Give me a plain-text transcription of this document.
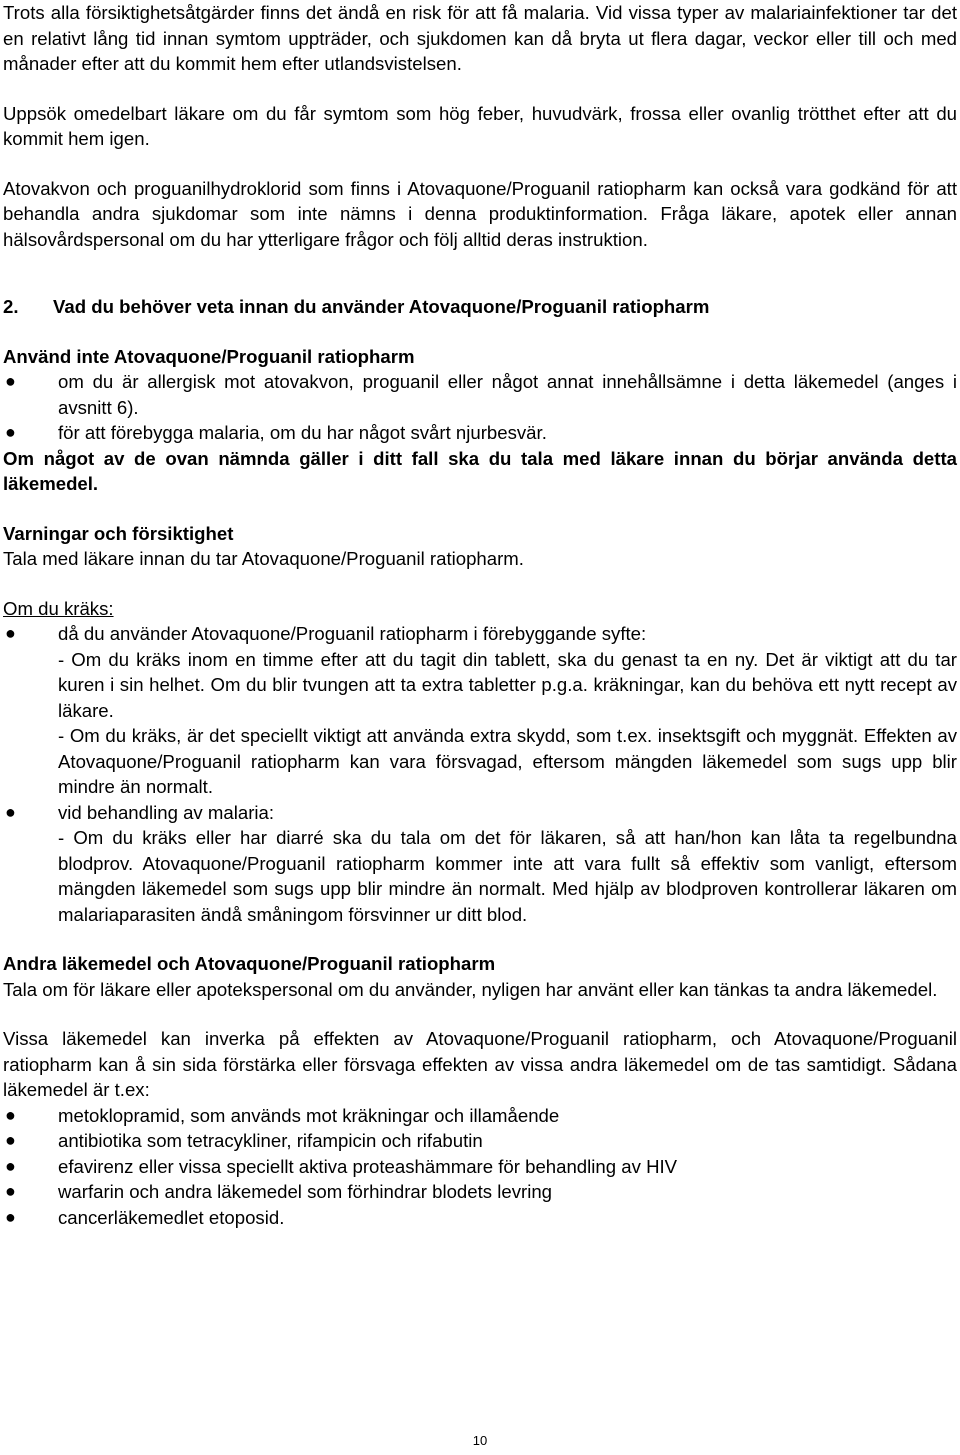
Trots alla försiktighetsåtgärder finns det ändå en risk för att få malaria. Vid vissa typer av malariainfektioner tar det en relativt lång tid innan symtom uppträder, och sjukdomen kan då bryta ut flera dagar, veckor eller till och med månader efter att du kommit hem efter utlandsvistelsen.

Uppsök omedelbart läkare om du får symtom som hög feber, huvudvärk, frossa eller ovanlig trötthet efter att du kommit hem igen.

Atovakvon och proguanilhydroklorid som finns i Atovaquone/Proguanil ratiopharm kan också vara godkänd för att behandla andra sjukdomar som inte nämns i denna produktinformation. Fråga läkare, apotek eller annan hälsovårdspersonal om du har ytterligare frågor och följ alltid deras instruktion.

2. Vad du behöver veta innan du använder Atovaquone/Proguanil ratiopharm

Använd inte Atovaquone/Proguanil ratiopharm

● om du är allergisk mot atovakvon, proguanil eller något annat innehållsämne i detta läkemedel (anges i avsnitt 6).
● för att förebygga malaria, om du har något svårt njurbesvär.

Om något av de ovan nämnda gäller i ditt fall ska du tala med läkare innan du börjar använda detta läkemedel.

Varningar och försiktighet

Tala med läkare innan du tar Atovaquone/Proguanil ratiopharm.

Om du kräks:

● då du använder Atovaquone/Proguanil ratiopharm i förebyggande syfte:

- Om du kräks inom en timme efter att du tagit din tablett, ska du genast ta en ny. Det är viktigt att du tar kuren i sin helhet. Om du blir tvungen att ta extra tabletter p.g.a. kräkningar, kan du behöva ett nytt recept av läkare.

- Om du kräks, är det speciellt viktigt att använda extra skydd, som t.ex. insektsgift och myggnät. Effekten av Atovaquone/Proguanil ratiopharm kan vara försvagad, eftersom mängden läkemedel som sugs upp blir mindre än normalt.

● vid behandling av malaria:

- Om du kräks eller har diarré ska du tala om det för läkaren, så att han/hon kan låta ta regelbundna blodprov. Atovaquone/Proguanil ratiopharm kommer inte att vara fullt så effektiv som vanligt, eftersom mängden läkemedel som sugs upp blir mindre än normalt. Med hjälp av blodproven kontrollerar läkaren om malariaparasiten ändå småningom försvinner ur ditt blod.

Andra läkemedel och Atovaquone/Proguanil ratiopharm

Tala om för läkare eller apotekspersonal om du använder, nyligen har använt eller kan tänkas ta andra läkemedel.

Vissa läkemedel kan inverka på effekten av Atovaquone/Proguanil ratiopharm, och Atovaquone/Proguanil ratiopharm kan å sin sida förstärka eller försvaga effekten av vissa andra läkemedel om de tas samtidigt. Sådana läkemedel är t.ex:

● metoklopramid, som används mot kräkningar och illamående
● antibiotika som tetracykliner, rifampicin och rifabutin
● efavirenz eller vissa speciellt aktiva proteashämmare för behandling av HIV
● warfarin och andra läkemedel som förhindrar blodets levring
● cancerläkemedlet etoposid.
10
